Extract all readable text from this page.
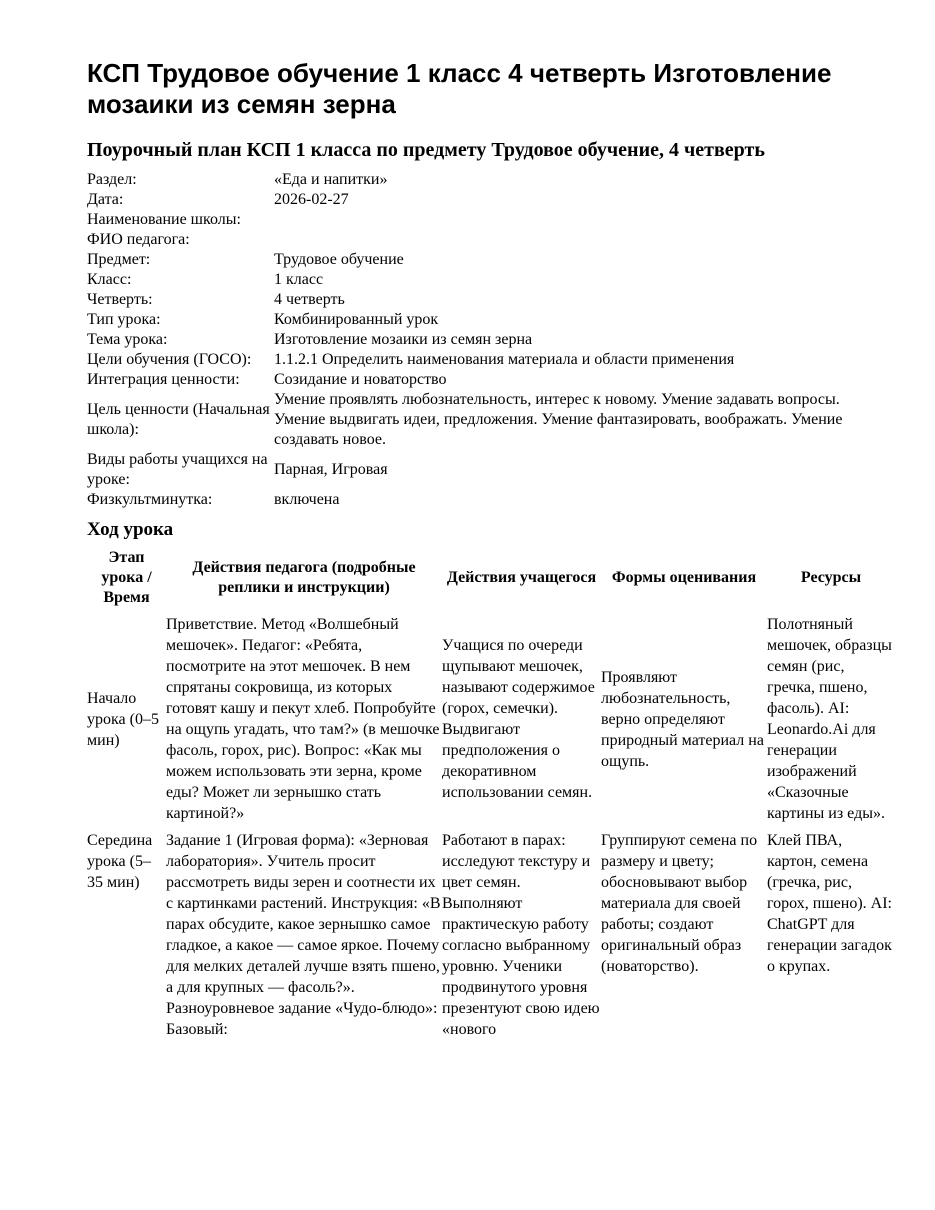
КСП Трудовое обучение 1 класс 4 четверть Изготовление мозаики из семян зерна
Поурочный план КСП 1 класса по предмету Трудовое обучение, 4 четверть
Раздел:	«Еда и напитки»
Дата:	2026-02-27
Наименование школы:	
ФИО педагога:	
Предмет:	Трудовое обучение
Класс:	1 класс
Четверть:	4 четверть
Тип урока:	Комбинированный урок
Тема урока:	Изготовление мозаики из семян зерна
Цели обучения (ГОСО):	1.1.2.1 Определить наименования материала и области применения
Интеграция ценности:	Созидание и новаторство
Цель ценности (Начальная школа):	Умение проявлять любознательность, интерес к новому. Умение задавать вопросы. Умение выдвигать идеи, предложения. Умение фантазировать, воображать. Умение создавать новое.
Виды работы учащихся на уроке:	Парная, Игровая
Физкультминутка:	включена
Ход урока
Этап урока / Время	Действия педагога (подробные реплики и инструкции)	Действия учащегося	Формы оценивания	Ресурсы
Начало урока (0–5 мин)	Приветствие. Метод «Волшебный мешочек». Педагог: «Ребята, посмотрите на этот мешочек. В нем спрятаны сокровища, из которых готовят кашу и пекут хлеб. Попробуйте на ощупь угадать, что там?» (в мешочке фасоль, горох, рис). Вопрос: «Как мы можем использовать эти зерна, кроме еды? Может ли зернышко стать картиной?»	Учащися по очереди щупывают мешочек, называют содержимое (горох, семечки). Выдвигают предположения о декоративном использовании семян.	Проявляют любознательность, верно определяют природный материал на ощупь.	Полотняный мешочек, образцы семян (рис, гречка, пшено, фасоль). AI: Leonardo.Ai для генерации изображений «Сказочные картины из еды».
Середина урока (5–35 мин)	Задание 1 (Игровая форма): «Зерновая лаборатория». Учитель просит рассмотреть виды зерен и соотнести их с картинками растений. Инструкция: «В парах обсудите, какое зернышко самое гладкое, а какое — самое яркое. Почему для мелких деталей лучше взять пшено, а для крупных — фасоль?». Разноуровневое задание «Чудо-блюдо»: Базовый:	Работают в парах: исследуют текстуру и цвет семян. Выполняют практическую работу согласно выбранному уровню. Ученики продвинутого уровня презентуют свою идею «нового	Группируют семена по размеру и цвету; обосновывают выбор материала для своей работы; создают оригинальный образ (новаторство).	Клей ПВА, картон, семена (гречка, рис, горох, пшено). AI: ChatGPT для генерации загадок о крупах.
